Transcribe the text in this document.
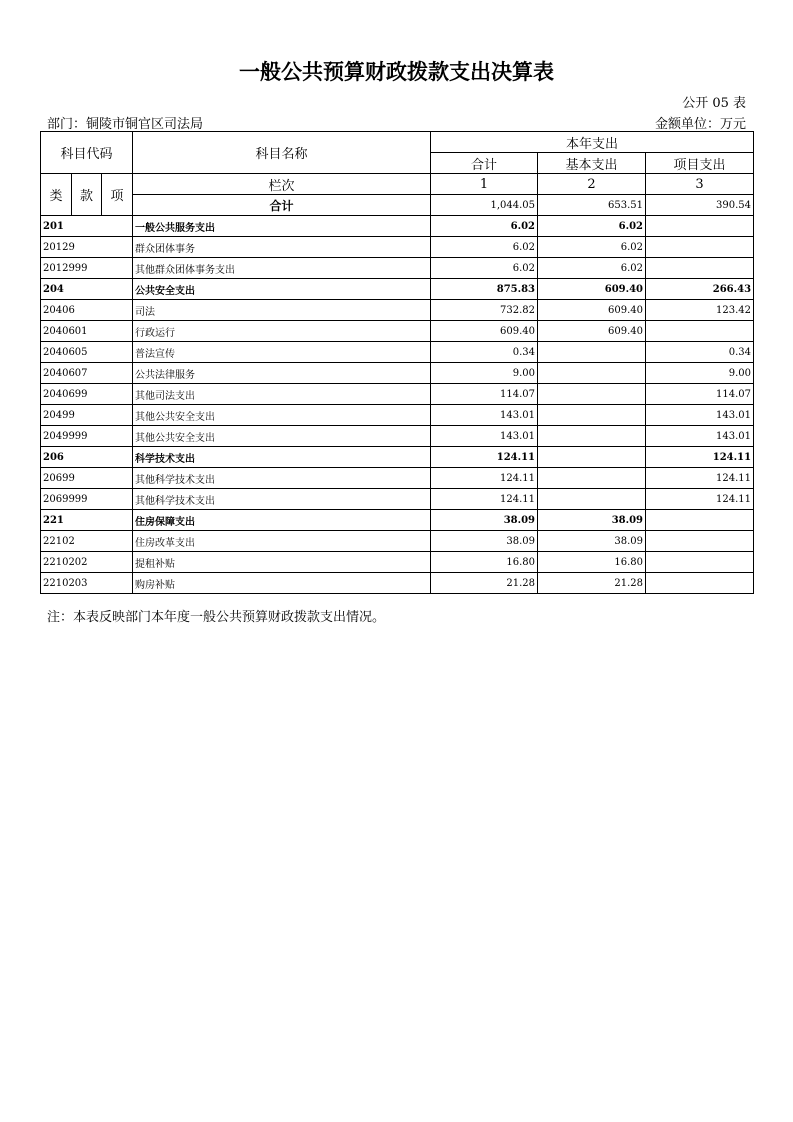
一般公共预算财政拨款支出决算表
公开 05 表
部门：铜陵市铜官区司法局	金额单位：万元
科目代码			科目名称	本年支出		
				合计	基本支出	项目支出
类	款	项	栏次	1	2	3
			合计	1,044.05	653.51	390.54
201			一般公共服务支出	6.02	6.02	
20129			群众团体事务	6.02	6.02	
2012999			其他群众团体事务支出	6.02	6.02	
204			公共安全支出	875.83	609.40	266.43
20406			司法	732.82	609.40	123.42
2040601			行政运行	609.40	609.40	
2040605			普法宣传	0.34		0.34
2040607			公共法律服务	9.00		9.00
2040699			其他司法支出	114.07		114.07
20499			其他公共安全支出	143.01		143.01
2049999			其他公共安全支出	143.01		143.01
206			科学技术支出	124.11		124.11
20699			其他科学技术支出	124.11		124.11
2069999			其他科学技术支出	124.11		124.11
221			住房保障支出	38.09	38.09	
22102			住房改革支出	38.09	38.09	
2210202			提租补贴	16.80	16.80	
2210203			购房补贴	21.28	21.28	
注：本表反映部门本年度一般公共预算财政拨款支出情况。
